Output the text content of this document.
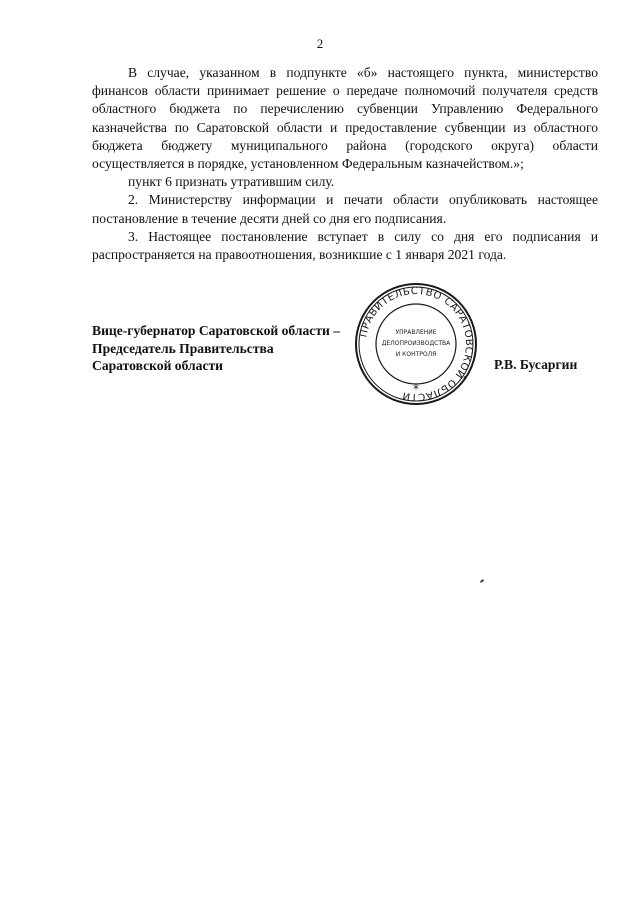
2

В случае, указанном в подпункте «б» настоящего пункта, министерство финансов области принимает решение о передаче полномочий получателя средств областного бюджета по перечислению субвенции Управлению Федерального казначейства по Саратовской области и предоставление субвенции из областного бюджета бюджету муниципального района (городского округа) области осуществляется в порядке, установленном Федеральным казначейством.»;

пункт 6 признать утратившим силу.

2. Министерству информации и печати области опубликовать настоящее постановление в течение десяти дней со дня его подписания.

3. Настоящее постановление вступает в силу со дня его подписания и распространяется на правоотношения, возникшие с 1 января 2021 года.

Вице-губернатор Саратовской области –
Председатель Правительства
Саратовской области
ПРАВИТЕЛЬСТВО САРАТОВСКОЙ ОБЛАСТИ
УПРАВЛЕНИЕ
ДЕЛОПРОИЗВОДСТВА
И КОНТРОЛЯ
*
Р.В. Бусаргин
